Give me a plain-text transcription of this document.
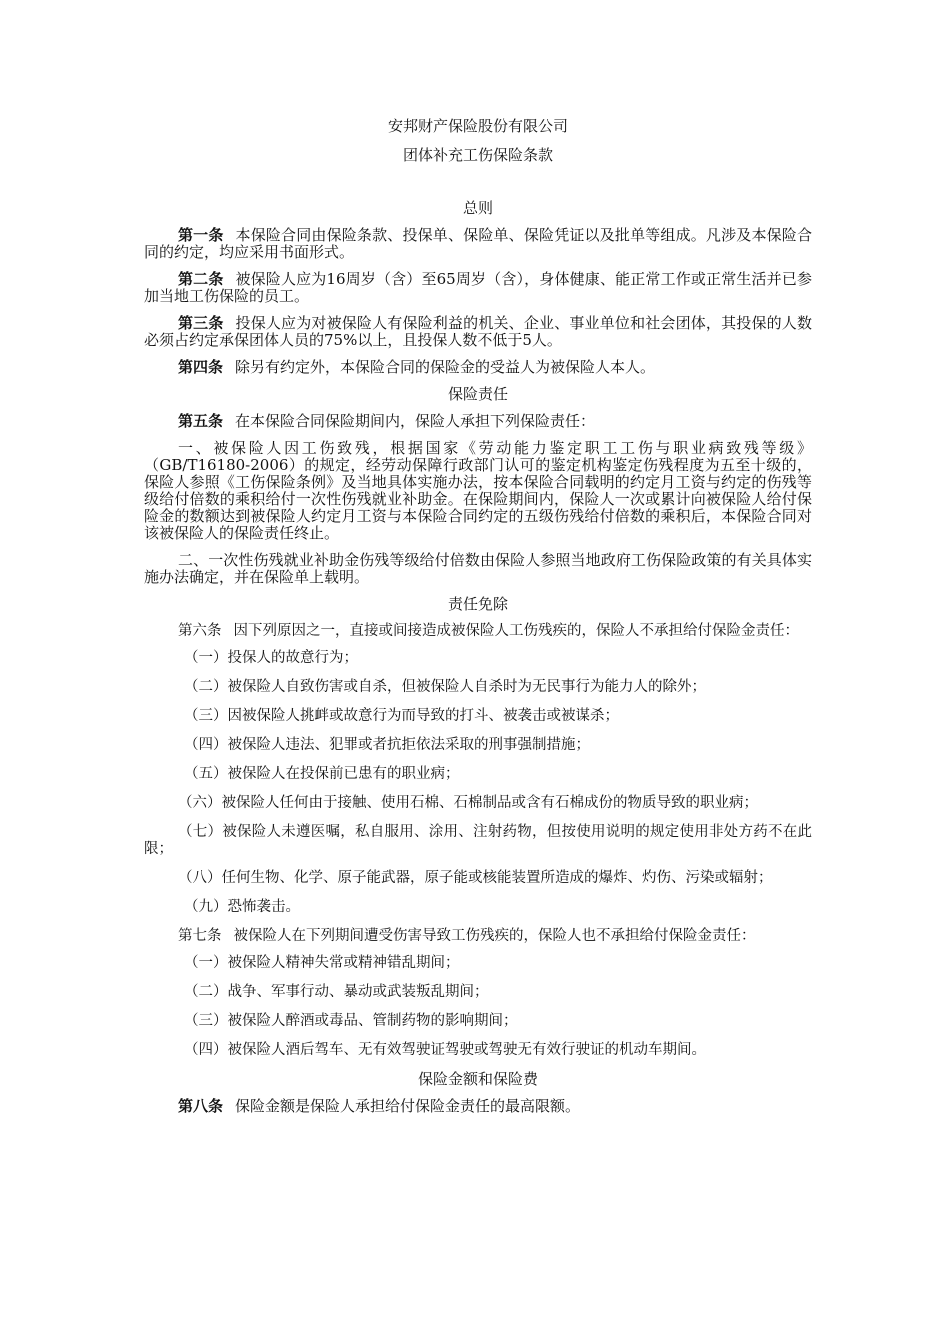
安邦财产保险股份有限公司
团体补充工伤保险条款
总则

第一条 本保险合同由保险条款、投保单、保险单、保险凭证以及批单等组成。凡涉及本保险合同的约定，均应采用书面形式。

第二条 被保险人应为16周岁（含）至65周岁（含），身体健康、能正常工作或正常生活并已参加当地工伤保险的员工。

第三条 投保人应为对被保险人有保险利益的机关、企业、事业单位和社会团体，其投保的人数必须占约定承保团体人员的75%以上，且投保人数不低于5人。

第四条 除另有约定外，本保险合同的保险金的受益人为被保险人本人。

保险责任

第五条 在本保险合同保险期间内，保险人承担下列保险责任：

一、被保险人因工伤致残，根据国家《劳动能力鉴定职工工伤与职业病致残等级》（GB/T16180-2006）的规定，经劳动保障行政部门认可的鉴定机构鉴定伤残程度为五至十级的，保险人参照《工伤保险条例》及当地具体实施办法，按本保险合同载明的约定月工资与约定的伤残等级给付倍数的乘积给付一次性伤残就业补助金。在保险期间内，保险人一次或累计向被保险人给付保险金的数额达到被保险人约定月工资与本保险合同约定的五级伤残给付倍数的乘积后，本保险合同对该被保险人的保险责任终止。

二、一次性伤残就业补助金伤残等级给付倍数由保险人参照当地政府工伤保险政策的有关具体实施办法确定，并在保险单上载明。

责任免除

第六条 因下列原因之一，直接或间接造成被保险人工伤残疾的，保险人不承担给付保险金责任：

（一）投保人的故意行为；

（二）被保险人自致伤害或自杀，但被保险人自杀时为无民事行为能力人的除外；

（三）因被保险人挑衅或故意行为而导致的打斗、被袭击或被谋杀；

（四）被保险人违法、犯罪或者抗拒依法采取的刑事强制措施；

（五）被保险人在投保前已患有的职业病；

（六）被保险人任何由于接触、使用石棉、石棉制品或含有石棉成份的物质导致的职业病；

（七）被保险人未遵医嘱，私自服用、涂用、注射药物，但按使用说明的规定使用非处方药不在此限；

（八）任何生物、化学、原子能武器，原子能或核能装置所造成的爆炸、灼伤、污染或辐射；

（九）恐怖袭击。

第七条 被保险人在下列期间遭受伤害导致工伤残疾的，保险人也不承担给付保险金责任：

（一）被保险人精神失常或精神错乱期间；

（二）战争、军事行动、暴动或武装叛乱期间；

（三）被保险人醉酒或毒品、管制药物的影响期间；

（四）被保险人酒后驾车、无有效驾驶证驾驶或驾驶无有效行驶证的机动车期间。

保险金额和保险费

第八条 保险金额是保险人承担给付保险金责任的最高限额。
